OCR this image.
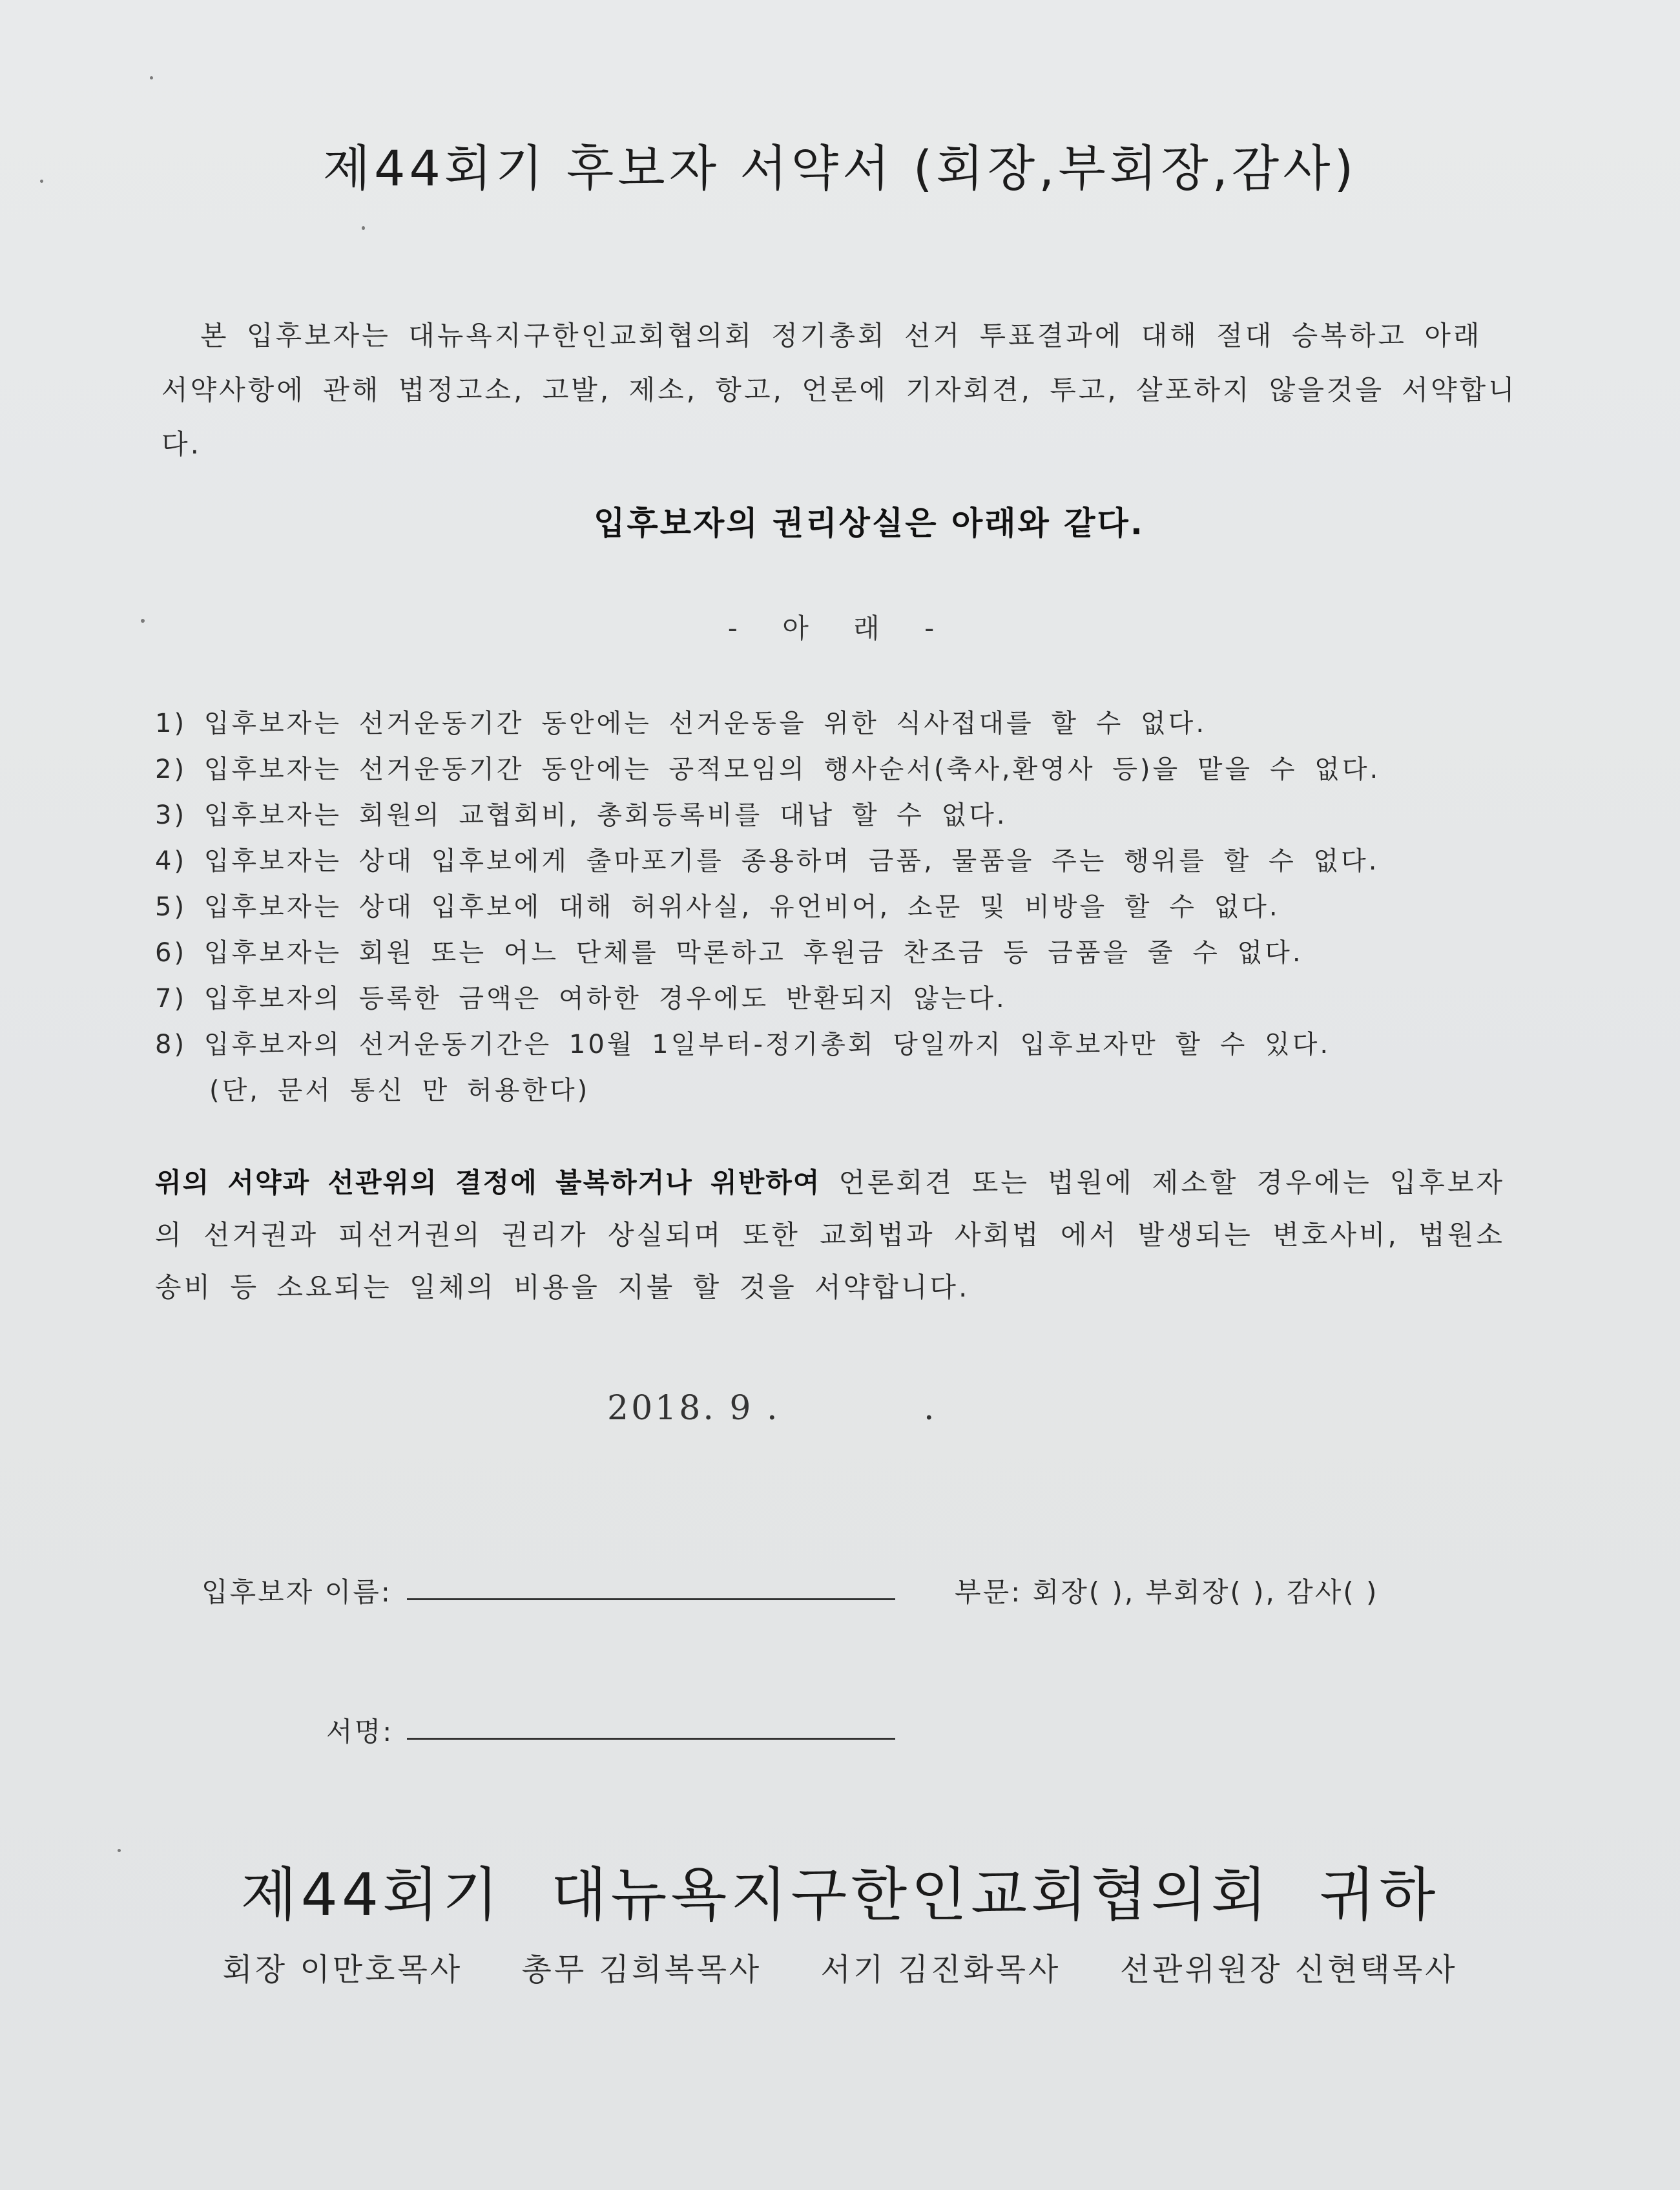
제44회기 후보자 서약서 (회장,부회장,감사)
본 입후보자는 대뉴욕지구한인교회협의회 정기총회 선거 투표결과에 대해 절대 승복하고 아래
서약사항에 관해 법정고소, 고발, 제소, 항고, 언론에 기자회견, 투고, 살포하지 않을것을 서약합니다.
입후보자의 권리상실은 아래와 같다.
- 아 래 -
1) 입후보자는 선거운동기간 동안에는 선거운동을 위한 식사접대를 할 수 없다.
2) 입후보자는 선거운동기간 동안에는 공적모임의 행사순서(축사,환영사 등)을 맡을 수 없다.
3) 입후보자는 회원의 교협회비, 총회등록비를 대납 할 수 없다.
4) 입후보자는 상대 입후보에게 출마포기를 종용하며 금품, 물품을 주는 행위를 할 수 없다.
5) 입후보자는 상대 입후보에 대해 허위사실, 유언비어, 소문 및 비방을 할 수 없다.
6) 입후보자는 회원 또는 어느 단체를 막론하고 후원금 찬조금 등 금품을 줄 수 없다.
7) 입후보자의 등록한 금액은 여하한 경우에도 반환되지 않는다.
8) 입후보자의 선거운동기간은 10월 1일부터-정기총회 당일까지 입후보자만 할 수 있다.
(단, 문서 통신 만 허용한다)
위의 서약과 선관위의 결정에 불복하거나 위반하여 언론회견 또는 법원에 제소할 경우에는 입후보자의 선거권과 피선거권의 권리가 상실되며 또한 교회법과 사회법 에서 발생되는 변호사비, 법원소송비 등 소요되는 일체의 비용을 지불 할 것을 서약합니다.
2018. 9 .	.
입후보자 이름:	부문: 회장( ), 부회장( ), 감사( )
서명:
제44회기 대뉴욕지구한인교회협의회 귀하
회장 이만호목사 총무 김희복목사 서기 김진화목사 선관위원장 신현택목사
